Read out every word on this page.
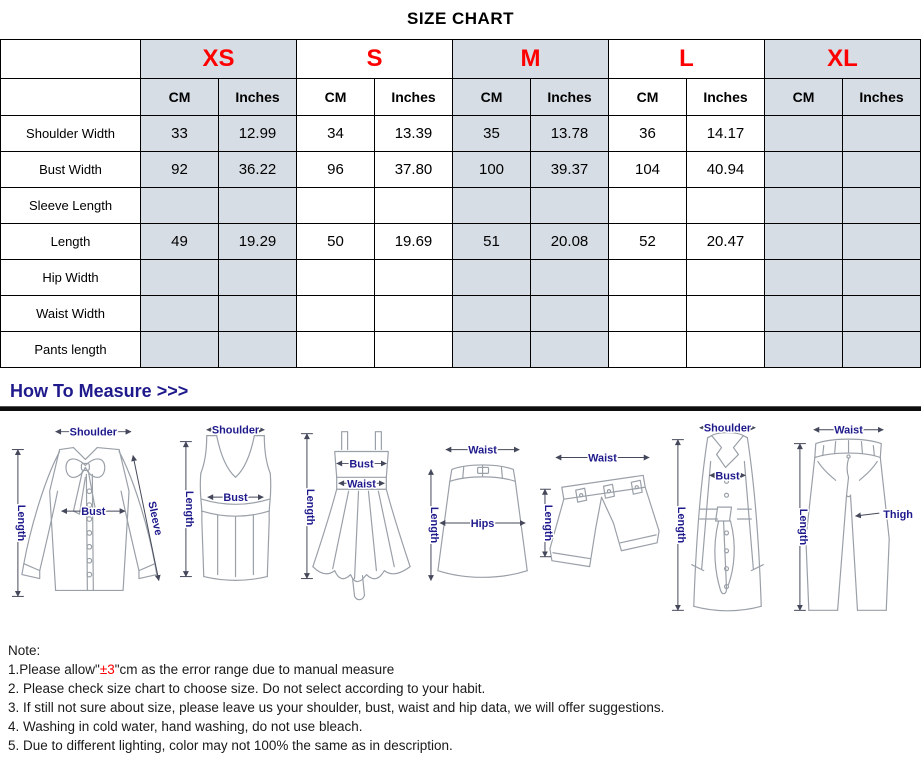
SIZE CHART
	XS		S		M		L		XL	
	CM	Inches	CM	Inches	CM	Inches	CM	Inches	CM	Inches
Shoulder Width	33	12.99	34	13.39	35	13.78	36	14.17		
Bust Width	92	36.22	96	37.80	100	39.37	104	40.94		
Sleeve Length										
Length	49	19.29	50	19.69	51	20.08	52	20.47		
Hip Width										
Waist Width										
Pants length										
How To Measure >>>
Shoulder
Bust
Length	Sleeve
Shoulder
Bust
Length
Bust
Waist
Length
Waist
Hips
Length
Waist
Length
Shoulder
Bust
Length
Waist
Thigh
Length
Note:
1.Please allow"±3"cm as the error range due to manual measure
2. Please check size chart to choose size. Do not select according to your habit.
3. If still not sure about size, please leave us your shoulder, bust, waist and hip data, we will offer suggestions.
4. Washing in cold water, hand washing, do not use bleach.
5. Due to different lighting, color may not 100% the same as in description.
